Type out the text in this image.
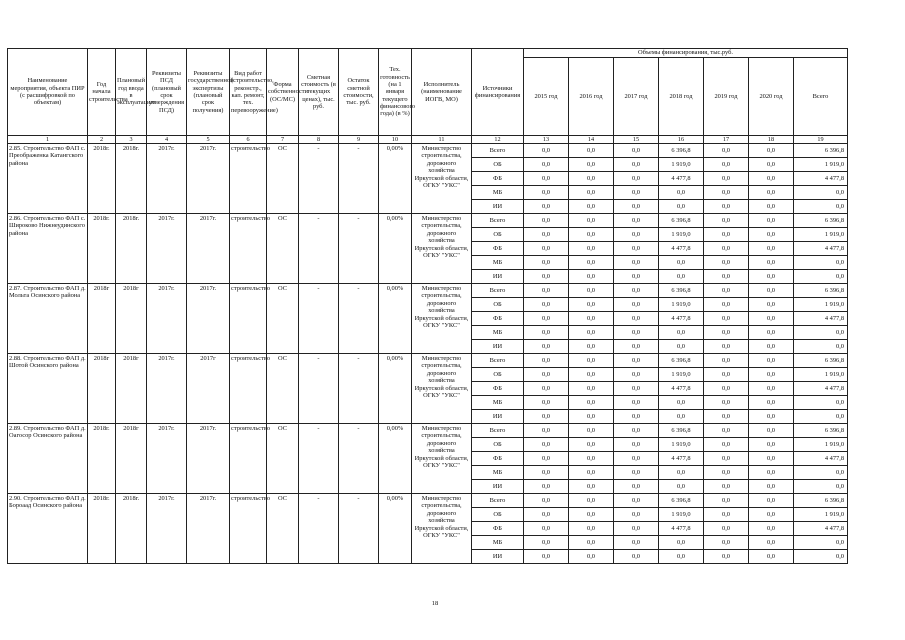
Наименование мероприятия, объекта ПИР (с расшифровкой по объектам)	Год начала строительства	Плановый год ввода в эксплуатацию	Реквизиты ПСД (плановый срок утверждения ПСД)	Реквизиты государственной экспертизы (плановый срок получения)	Вид работ (строительство, реконстр., кап. ремонт, тех. перевооружение)	Форма собственности (ОС/МС)	Сметная стоимость (в текущих ценах), тыс. руб.	Остаток сметной стоимости, тыс. руб.	Тех. готовность (на 1 января текущего финансового года) (в %)	Исполнитель (наименование ИОГВ, МО)	Источники финансирования	Объемы финансирования, тыс.руб.						
												2015 год	2016 год	2017 год	2018 год	2019 год	2020 год	Всего
1	2	3	4	5	6	7	8	9	10	11	12	13	14	15	16	17	18	19
2.85. Строительство ФАП с. Преображенка Катангского района	2018г.	2018г.	2017г.	2017г.	строительство	ОС	-	-	0,00%	Министерство строительства, дорожного хозяйства Иркутской области, ОГКУ "УКС"	Всего	0,0	0,0	0,0	6 396,8	0,0	0,0	6 396,8
											ОБ	0,0	0,0	0,0	1 919,0	0,0	0,0	1 919,0
											ФБ	0,0	0,0	0,0	4 477,8	0,0	0,0	4 477,8
											МБ	0,0	0,0	0,0	0,0	0,0	0,0	0,0
											ИИ	0,0	0,0	0,0	0,0	0,0	0,0	0,0
2.86. Строительство ФАП с. Широково Нижнеудинского района	2018г.	2018г.	2017г.	2017г.	строительство	ОС	-	-	0,00%	Министерство строительства, дорожного хозяйства Иркутской области, ОГКУ "УКС"	Всего	0,0	0,0	0,0	6 396,8	0,0	0,0	6 396,8
											ОБ	0,0	0,0	0,0	1 919,0	0,0	0,0	1 919,0
											ФБ	0,0	0,0	0,0	4 477,8	0,0	0,0	4 477,8
											МБ	0,0	0,0	0,0	0,0	0,0	0,0	0,0
											ИИ	0,0	0,0	0,0	0,0	0,0	0,0	0,0
2.87. Строительство ФАП д. Мольта Осинского района	2018г	2018г	2017г.	2017г.	строительство	ОС	-	-	0,00%	Министерство строительства, дорожного хозяйства Иркутской области, ОГКУ "УКС"	Всего	0,0	0,0	0,0	6 396,8	0,0	0,0	6 396,8
											ОБ	0,0	0,0	0,0	1 919,0	0,0	0,0	1 919,0
											ФБ	0,0	0,0	0,0	4 477,8	0,0	0,0	4 477,8
											МБ	0,0	0,0	0,0	0,0	0,0	0,0	0,0
											ИИ	0,0	0,0	0,0	0,0	0,0	0,0	0,0
2.88. Строительство ФАП д. Шотой Осинского района	2018г	2018г	2017г.	2017г	строительство	ОС	-	-	0,00%	Министерство строительства, дорожного хозяйства Иркутской области, ОГКУ "УКС"	Всего	0,0	0,0	0,0	6 396,8	0,0	0,0	6 396,8
											ОБ	0,0	0,0	0,0	1 919,0	0,0	0,0	1 919,0
											ФБ	0,0	0,0	0,0	4 477,8	0,0	0,0	4 477,8
											МБ	0,0	0,0	0,0	0,0	0,0	0,0	0,0
											ИИ	0,0	0,0	0,0	0,0	0,0	0,0	0,0
2.89. Строительство ФАП д. Оагосор Осинского района	2018г.	2018г	2017г.	2017г.	строительство	ОС	-	-	0,00%	Министерство строительства, дорожного хозяйства Иркутской области, ОГКУ "УКС"	Всего	0,0	0,0	0,0	6 396,8	0,0	0,0	6 396,8
											ОБ	0,0	0,0	0,0	1 919,0	0,0	0,0	1 919,0
											ФБ	0,0	0,0	0,0	4 477,8	0,0	0,0	4 477,8
											МБ	0,0	0,0	0,0	0,0	0,0	0,0	0,0
											ИИ	0,0	0,0	0,0	0,0	0,0	0,0	0,0
2.90. Строительство ФАП д. Бороаад Осинского района	2018г.	2018г.	2017г.	2017г.	строительство	ОС	-	-	0,00%	Министерство строительства, дорожного хозяйства Иркутской области, ОГКУ "УКС"	Всего	0,0	0,0	0,0	6 396,8	0,0	0,0	6 396,8
											ОБ	0,0	0,0	0,0	1 919,0	0,0	0,0	1 919,0
											ФБ	0,0	0,0	0,0	4 477,8	0,0	0,0	4 477,8
											МБ	0,0	0,0	0,0	0,0	0,0	0,0	0,0
											ИИ	0,0	0,0	0,0	0,0	0,0	0,0	0,0
18
